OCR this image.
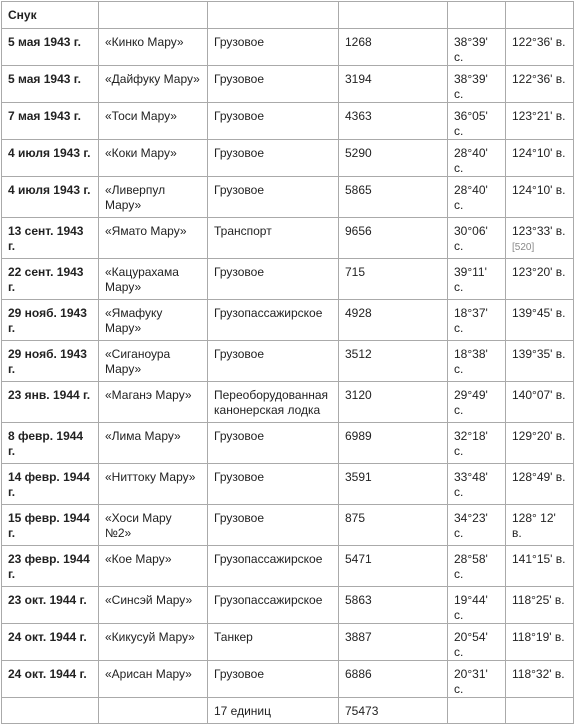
Снук					
5 мая 1943 г.	«Кинко Мару»	Грузовое	1268	38°39' с.	122°36' в.
5 мая 1943 г.	«Дайфуку Мару»	Грузовое	3194	38°39' с.	122°36' в.
7 мая 1943 г.	«Тоси Мару»	Грузовое	4363	36°05' с.	123°21' в.
4 июля 1943 г.	«Коки Мару»	Грузовое	5290	28°40' с.	124°10' в.
4 июля 1943 г.	«Ливерпул Мару»	Грузовое	5865	28°40' с.	124°10' в.
13 сент. 1943 г.	«Ямато Мару»	Транспорт	9656	30°06' с.	123°33' в.
[520]
22 сент. 1943 г.	«Кацурахама Мару»	Грузовое	715	39°11' с.	123°20' в.
29 нояб. 1943 г.	«Ямафуку Мару»	Грузопассажирское	4928	18°37' с.	139°45' в.
29 нояб. 1943 г.	«Сиганоура Мару»	Грузовое	3512	18°38' с.	139°35' в.
23 янв. 1944 г.	«Маганэ Мару»	Переоборудованная канонерская лодка	3120	29°49' с.	140°07' в.
8 февр. 1944 г.	«Лима Мару»	Грузовое	6989	32°18' с.	129°20' в.
14 февр. 1944 г.	«Ниттоку Мару»	Грузовое	3591	33°48' с.	128°49' в.
15 февр. 1944 г.	«Хоси Мару №2»	Грузовое	875	34°23' с.	128° 12' в.
23 февр. 1944 г.	«Кое Мару»	Грузопассажирское	5471	28°58' с.	141°15' в.
23 окт. 1944 г.	«Синсэй Мару»	Грузопассажирское	5863	19°44' с.	118°25' в.
24 окт. 1944 г.	«Кикусуй Мару»	Танкер	3887	20°54' с.	118°19' в.
24 окт. 1944 г.	«Арисан Мару»	Грузовое	6886	20°31' с.	118°32' в.
		17 единиц	75473		
